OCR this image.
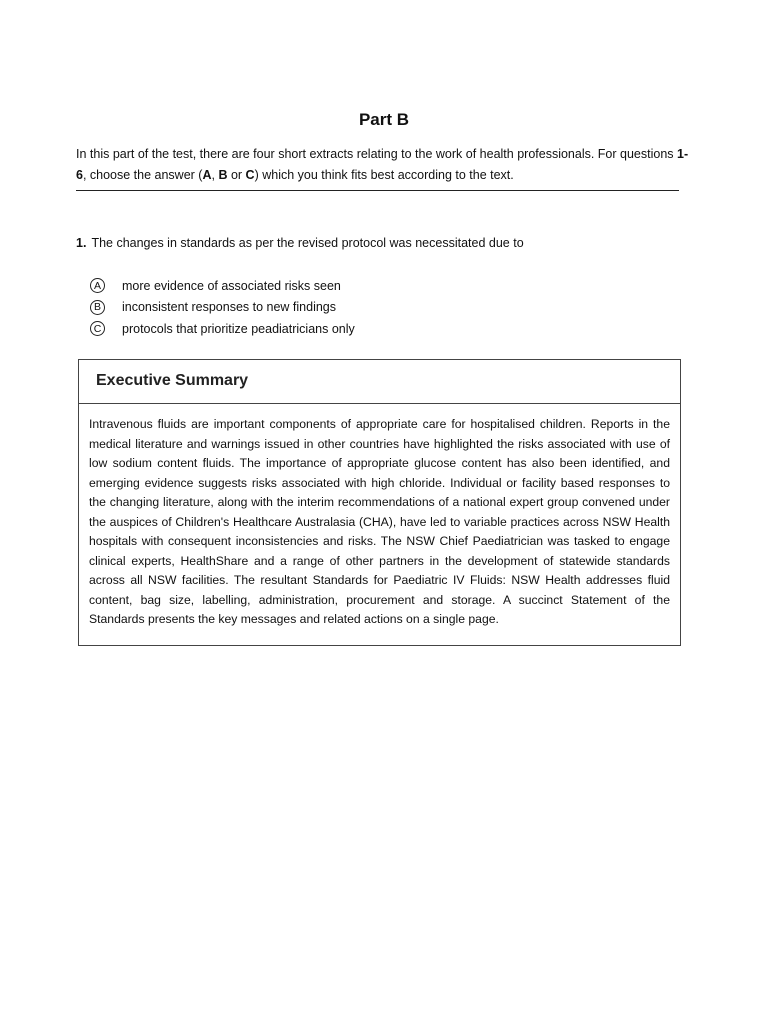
Part B
In this part of the test, there are four short extracts relating to the work of health professionals. For questions 1-6, choose the answer (A, B or C) which you think fits best according to the text.
1. The changes in standards as per the revised protocol was necessitated due to
A	more evidence of associated risks seen
B	inconsistent responses to new findings
C protocols that prioritize peadiatricians only
Executive Summary
Intravenous fluids are important components of appropriate care for hospitalised children. Reports in the medical literature and warnings issued in other countries have highlighted the risks associated with use of low sodium content fluids. The importance of appropriate glucose content has also been identified, and emerging evidence suggests risks associated with high chloride. Individual or facility based responses to the changing literature, along with the interim recommendations of a national expert group convened under the auspices of Children's Healthcare Australasia (CHA), have led to variable practices across NSW Health hospitals with consequent inconsistencies and risks. The NSW Chief Paediatrician was tasked to engage clinical experts, HealthShare and a range of other partners in the development of statewide standards across all NSW facilities. The resultant Standards for Paediatric IV Fluids: NSW Health addresses fluid content, bag size, labelling, administration, procurement and storage. A succinct Statement of the Standards presents the key messages and related actions on a single page.
